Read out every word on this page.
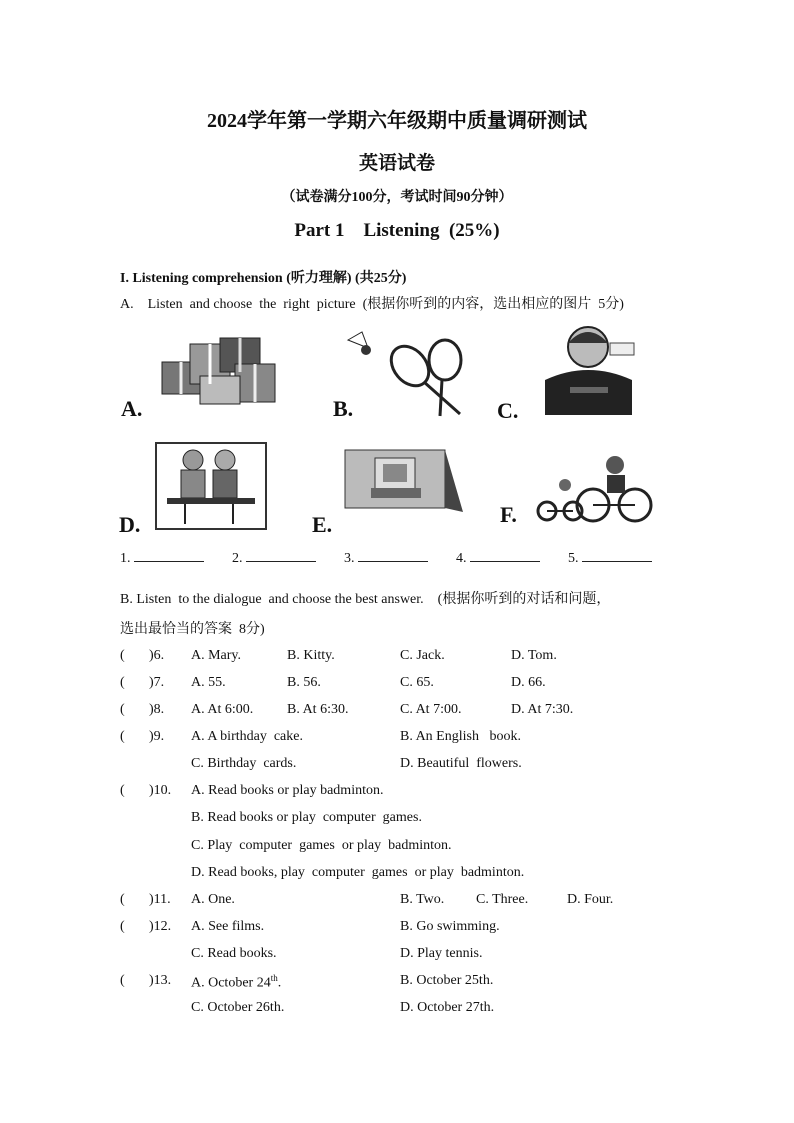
2024学年第一学期六年级期中质量调研测试
英语试卷
（试卷满分100分，考试时间90分钟）
Part 1    Listening  (25%)
I. Listening comprehension (听力理解) (共25分)
A.    Listen  and choose  the  right  picture  (根据你听到的内容，选出相应的图片  5分)
A.	B.	C.
D.	E.	F.
1.	2.	3.	4.	5.
B. Listen  to the dialogue  and choose the best answer.    (根据你听到的对话和问题，
选出最恰当的答案  8分)
( )6. A. Mary.	B. Kitty.	C. Jack.	D. Tom.
( )7. A. 55.	B. 56.	C. 65.	D. 66.
( )8. A. At 6:00. B. At 6:30.	C. At 7:00.	D. At 7:30.
( )9. A. A birthday  cake.	B. An English   book.
C. Birthday  cards.	D. Beautiful  flowers.
( )10. A. Read books or play badminton.
B. Read books or play  computer  games.
C. Play  computer  games  or play  badminton.
D. Read books, play  computer  games  or play  badminton.
( )11. A. One.	B. Two. C. Three.	D. Four.
( )12. A. See films.	B. Go swimming.
C. Read books.	D. Play tennis.
( )13. A. October 24th.	B. October 25th.
C. October 26th.	D. October 27th.
